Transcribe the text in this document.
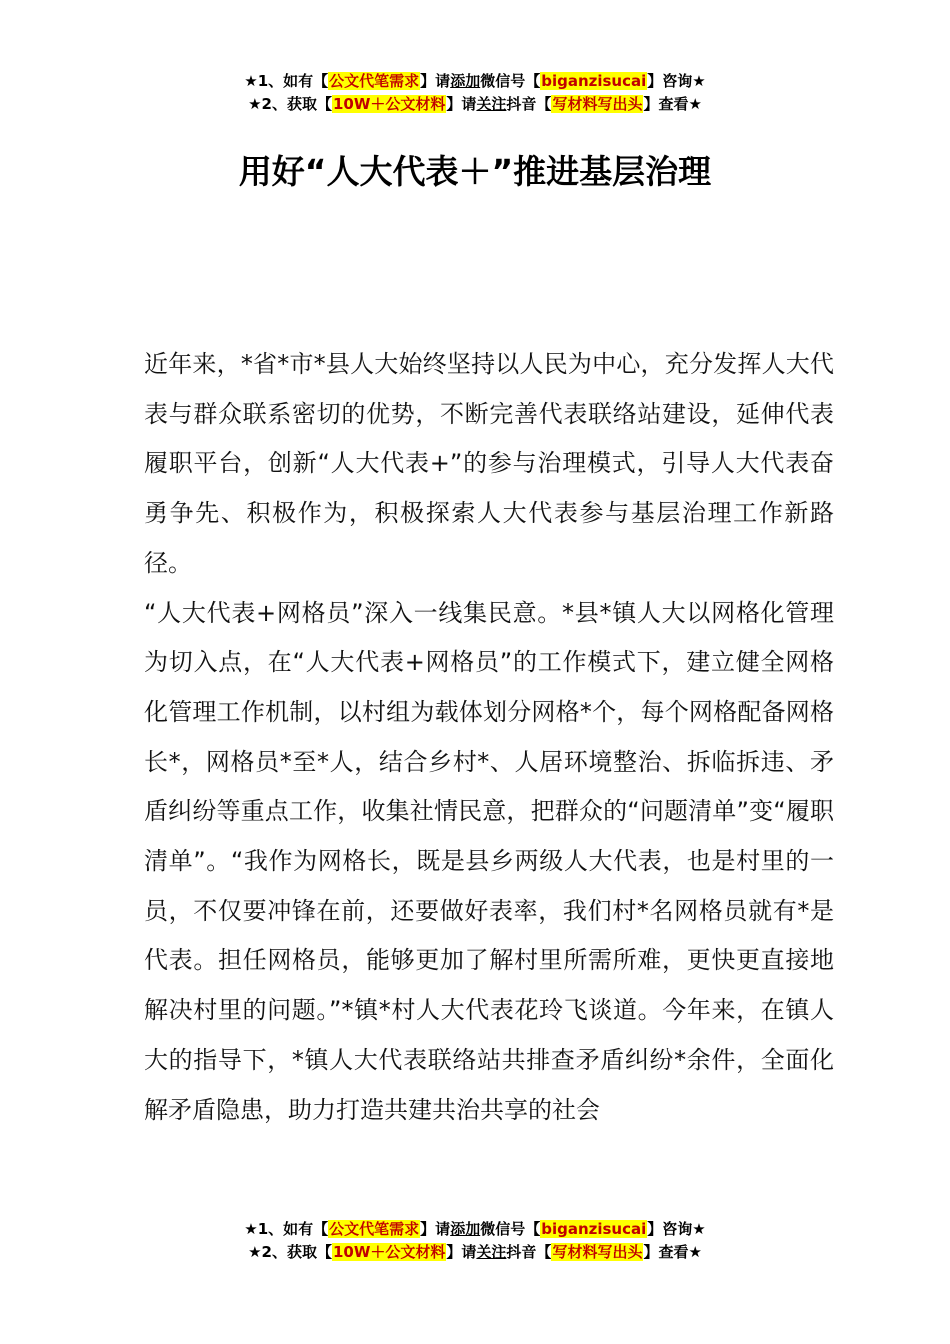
★1、如有【公文代笔需求】请添加微信号【biganzisucai】咨询★
★2、获取【10W＋公文材料】请关注抖音【写材料写出头】查看★
用好“人大代表＋”推进基层治理

近年来，*省*市*县人大始终坚持以人民为中心，充分发挥人大代表与群众联系密切的优势，不断完善代表联络站建设，延伸代表履职平台，创新“人大代表+”的参与治理模式，引导人大代表奋勇争先、积极作为，积极探索人大代表参与基层治理工作新路径。

“人大代表+网格员”深入一线集民意。*县*镇人大以网格化管理为切入点，在“人大代表+网格员”的工作模式下，建立健全网格化管理工作机制，以村组为载体划分网格*个，每个网格配备网格长*，网格员*至*人，结合乡村*、人居环境整治、拆临拆违、矛盾纠纷等重点工作，收集社情民意，把群众的“问题清单”变“履职清单”。“我作为网格长，既是县乡两级人大代表，也是村里的一员，不仅要冲锋在前，还要做好表率，我们村*名网格员就有*是代表。担任网格员，能够更加了解村里所需所难，更快更直接地解决村里的问题。”*镇*村人大代表花玲飞谈道。今年来，在镇人大的指导下，*镇人大代表联络站共排查矛盾纠纷*余件，全面化解矛盾隐患，助力打造共建共治共享的社会

★1、如有【公文代笔需求】请添加微信号【biganzisucai】咨询★
★2、获取【10W＋公文材料】请关注抖音【写材料写出头】查看★
